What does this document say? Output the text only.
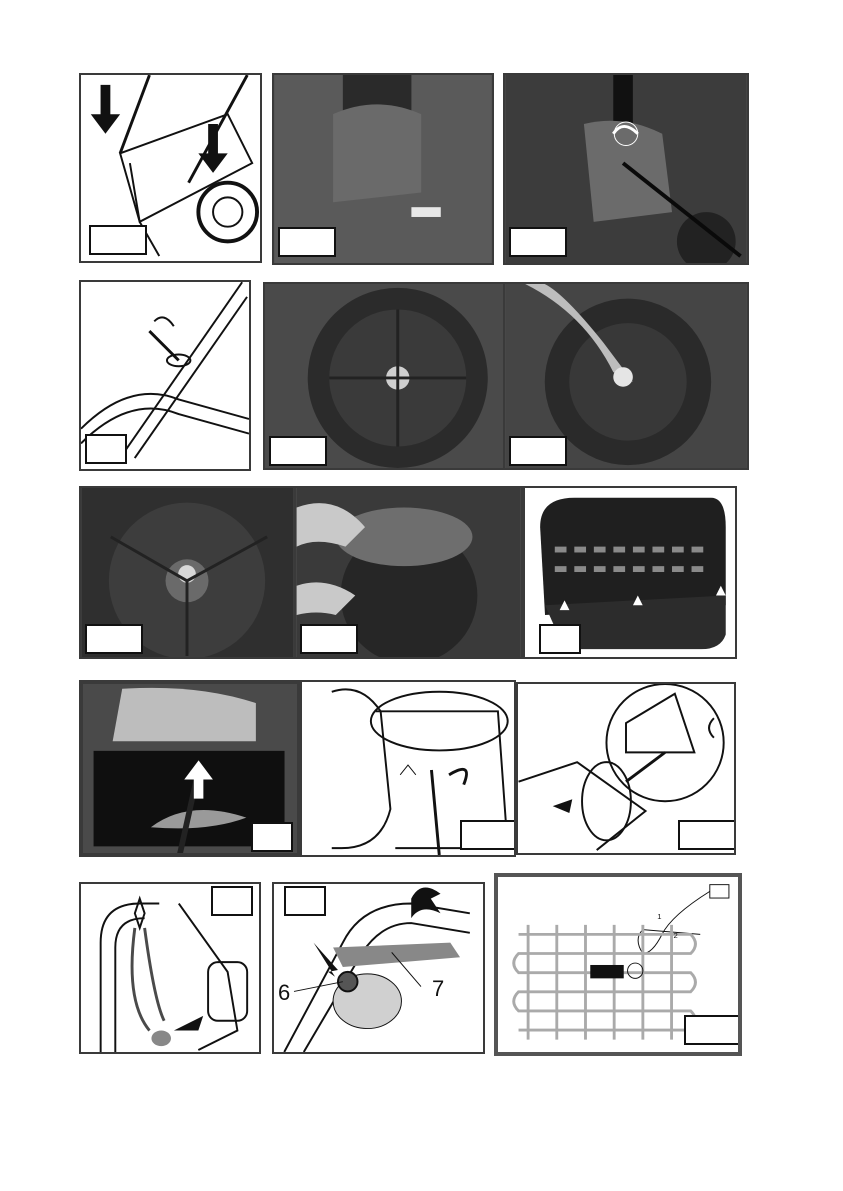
6	7
2
1
